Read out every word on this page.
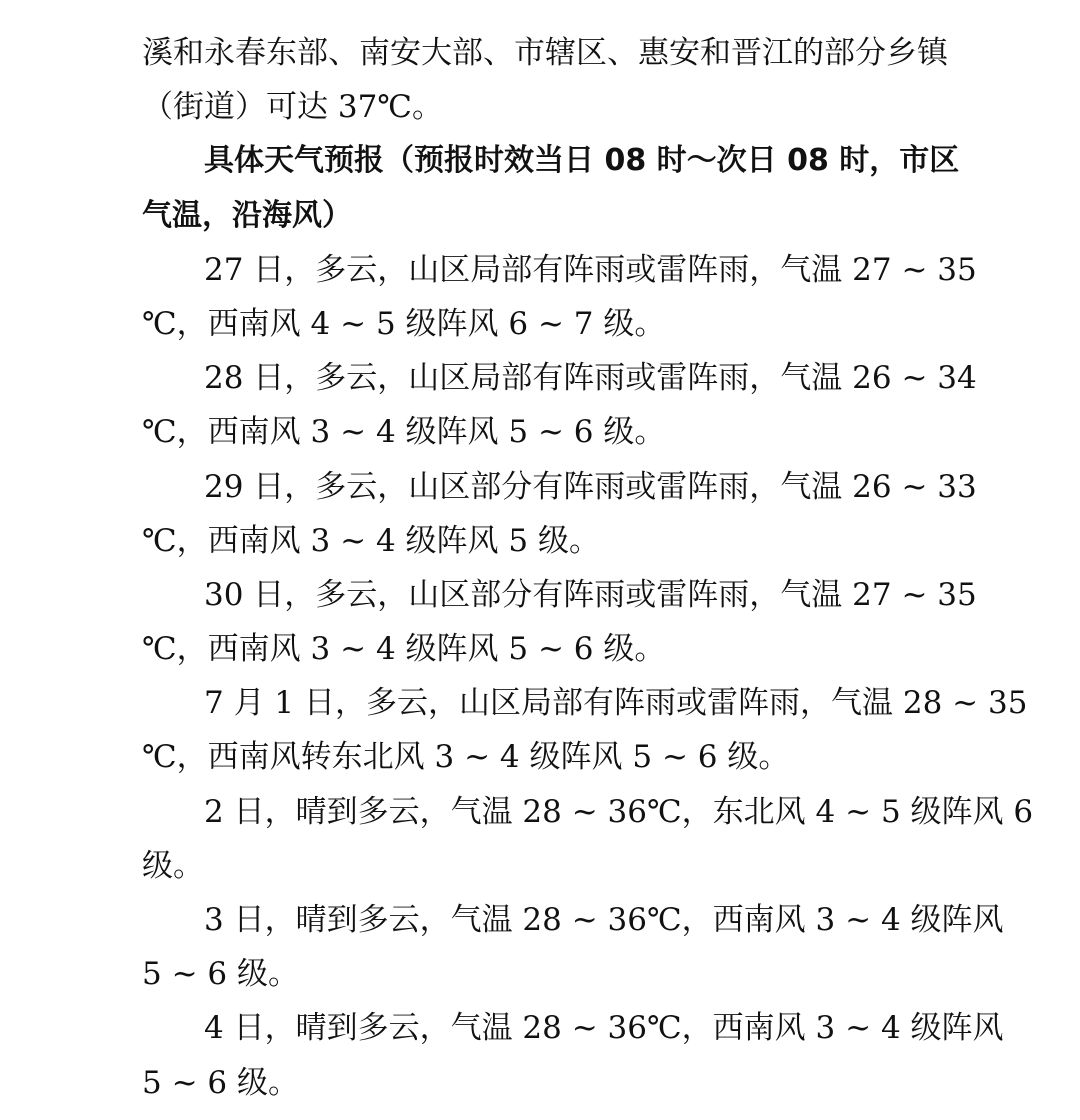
溪和永春东部、南安大部、市辖区、惠安和晋江的部分乡镇
（街道）可达 37℃。
具体天气预报（预报时效当日 08 时～次日 08 时，市区
气温，沿海风）
27 日，多云，山区局部有阵雨或雷阵雨，气温 27 ~ 35
℃，西南风 4 ~ 5 级阵风 6 ~ 7 级。
28 日，多云，山区局部有阵雨或雷阵雨，气温 26 ~ 34
℃，西南风 3 ~ 4 级阵风 5 ~ 6 级。
29 日，多云，山区部分有阵雨或雷阵雨，气温 26 ~ 33
℃，西南风 3 ~ 4 级阵风 5 级。
30 日，多云，山区部分有阵雨或雷阵雨，气温 27 ~ 35
℃，西南风 3 ~ 4 级阵风 5 ~ 6 级。
7 月 1 日，多云，山区局部有阵雨或雷阵雨，气温 28 ~ 35
℃，西南风转东北风 3 ~ 4 级阵风 5 ~ 6 级。
2 日，晴到多云，气温 28 ~ 36℃，东北风 4 ~ 5 级阵风 6
级。
3 日，晴到多云，气温 28 ~ 36℃，西南风 3 ~ 4 级阵风
5 ~ 6 级。
4 日，晴到多云，气温 28 ~ 36℃，西南风 3 ~ 4 级阵风
5 ~ 6 级。
